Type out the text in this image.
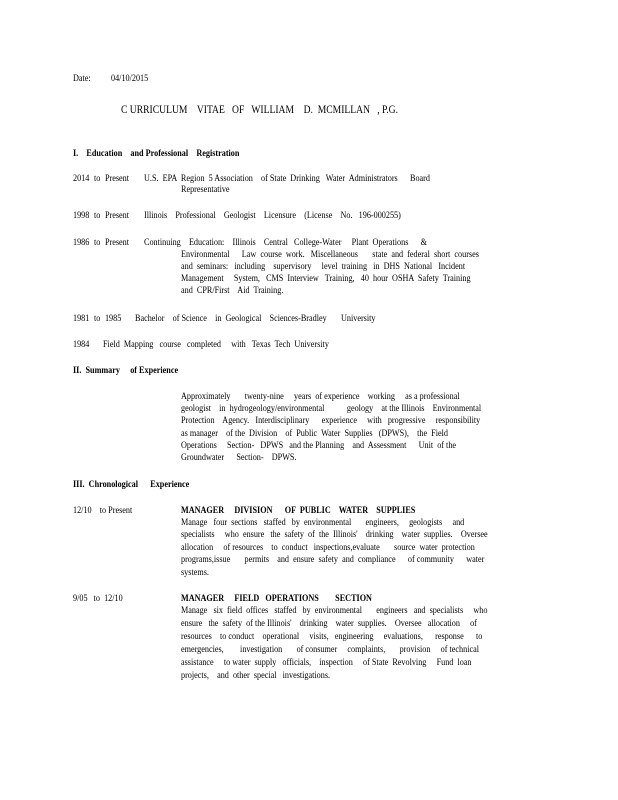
Date: 04/10/2015
C URRICULUM    VITAE   OF   WILLIAM    D.  MCMILLAN   , P.G.
I.    Education    and Professional    Registration
2014 to Present U.S.  EPA  Region  5 Association    of State  Drinking   Water  Administrators      Board
Representative
1998 to Present Illinois    Professional    Geologist    Licensure    (License    No.   196-000255)
1986 to Present Continuing    Education:    Illinois    Central   College-Water     Plant  Operations      &
Environmental      Law  course  work.   Miscellaneous       state  and  federal  short  courses
and  seminars:   including    supervisory     level  training   in  DHS  National   Incident
Management     System,   CMS  Interview   Training,   40  hour  OSHA  Safety  Training
and  CPR/First    Aid  Training.
1981 to 1985 Bachelor    of Science    in  Geological    Sciences-Bradley       University
1984 Field  Mapping   course   completed     with   Texas  Tech  University
II.  Summary     of Experience
Approximately       twenty-nine     years  of experience    working     as a professional
geologist    in  hydrogeology/environmental           geology    at the Illinois    Environmental
Protection    Agency.   Interdisciplinary      experience     with   progressive     responsibility
as manager    of the  Division    of  Public  Water  Supplies   (DPWS),    the  Field
Operations     Section-   DPWS   and the Planning    and  Assessment      Unit  of the
Groundwater      Section-    DPWS.
III.  Chronological      Experience
12/10    to Present	MANAGER     DIVISION      OF  PUBLIC    WATER    SUPPLIES
Manage   four  sections   staffed   by  environmental       engineers,     geologists     and
specialists     who  ensure   the  safety  of  the  Illinois'    drinking    water  supplies.    Oversee
allocation     of resources    to  conduct   inspections,evaluate       source  water  protection
programs,issue       permits    and  ensure  safety  and  compliance      of community      water
systems.
9/05   to  12/10	MANAGER     FIELD   OPERATIONS        SECTION
Manage   six  field  offices   staffed   by  environmental       engineers   and  specialists     who
ensure   the  safety  of the Illinois'    drinking    water  supplies.    Oversee   allocation     of
resources    to conduct    operational     visits,   engineering     evaluations,      response      to
emergencies,        investigation       of consumer     complaints,       provision     of technical
assistance     to water  supply   officials,    inspection     of State  Revolving     Fund  loan
projects,    and  other  special   investigations.
